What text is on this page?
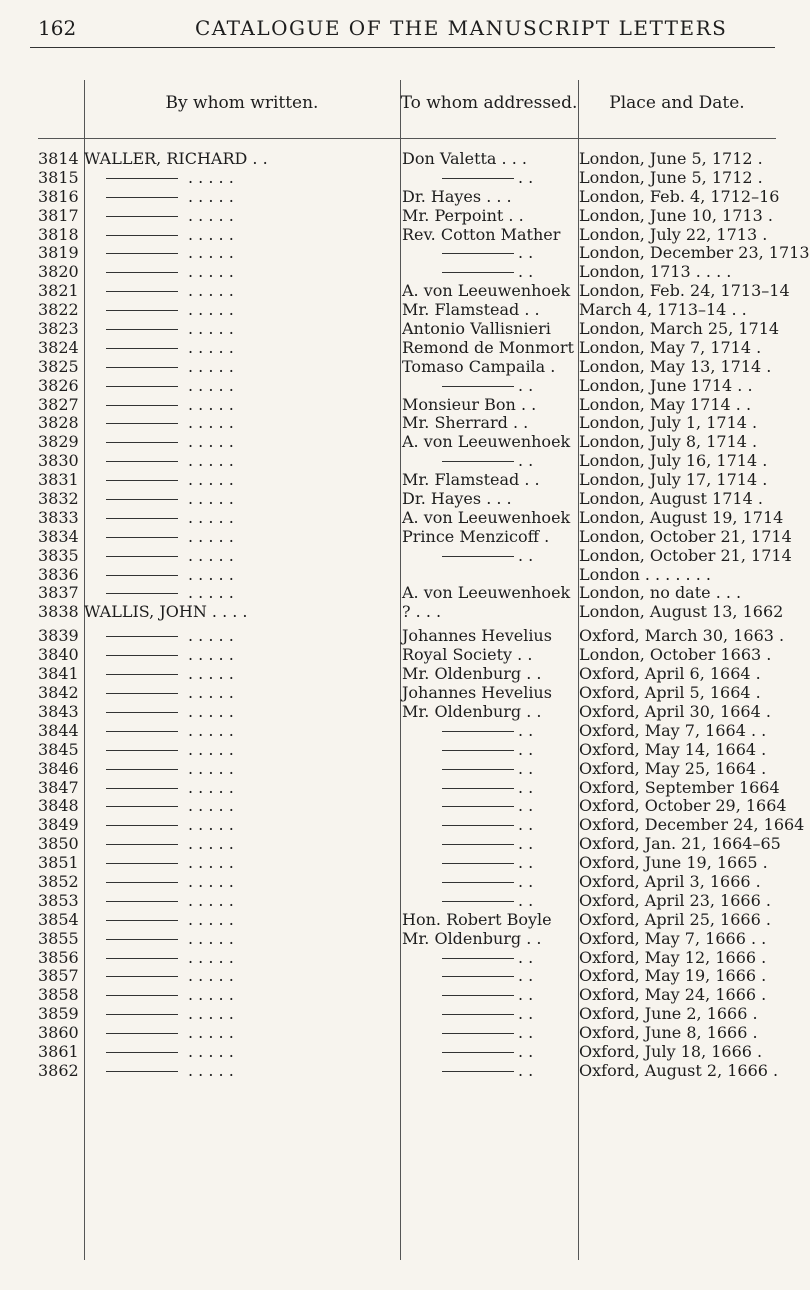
162	CATALOGUE OF THE MANUSCRIPT LETTERS
By whom written.	To whom addressed.	Place and Date.
3814 WALLER, RICHARD . .	Don Valetta . . .	London, June 5, 1712 .
3815	. . . . .	. .	London, June 5, 1712 .
3816	. . . . .	Dr. Hayes . . .	London, Feb. 4, 1712–16
3817	. . . . .	Mr. Perpoint . .	London, June 10, 1713 .
3818	. . . . .	Rev. Cotton Mather	London, July 22, 1713 .
3819	. . . . .	. .	London, December 23, 1713
3820	. . . . .	. .	London, 1713 . . . .
3821	. . . . .	A. von Leeuwenhoek London, Feb. 24, 1713–14
3822	. . . . .	Mr. Flamstead . .	March 4, 1713–14 . .
3823	. . . . .	Antonio Vallisnieri	London, March 25, 1714
3824	. . . . .	Remond de Monmort London, May 7, 1714 .
3825	. . . . .	Tomaso Campaila .	London, May 13, 1714 .
3826	. . . . .	. .	London, June 1714 . .
3827	. . . . .	Monsieur Bon . .	London, May 1714 . .
3828	. . . . .	Mr. Sherrard . .	London, July 1, 1714 .
3829	. . . . .	A. von Leeuwenhoek London, July 8, 1714 .
3830	. . . . .	. .	London, July 16, 1714 .
3831	. . . . .	Mr. Flamstead . .	London, July 17, 1714 .
3832	. . . . .	Dr. Hayes . . .	London, August 1714 .
3833	. . . . .	A. von Leeuwenhoek London, August 19, 1714
3834	. . . . .	Prince Menzicoff .	London, October 21, 1714
3835	. . . . .	. .	London, October 21, 1714
3836	. . . . .	London . . . . . . .
3837	. . . . .	A. von Leeuwenhoek London, no date . . .
3838 WALLIS, JOHN . . . .	? . . .	London, August 13, 1662
3839	. . . . .	Johannes Hevelius	Oxford, March 30, 1663 .
3840	. . . . .	Royal Society . .	London, October 1663 .
3841	. . . . .	Mr. Oldenburg . .	Oxford, April 6, 1664 .
3842	. . . . .	Johannes Hevelius	Oxford, April 5, 1664 .
3843	. . . . .	Mr. Oldenburg . .	Oxford, April 30, 1664 .
3844	. . . . .	. .	Oxford, May 7, 1664 . .
3845	. . . . .	. .	Oxford, May 14, 1664 .
3846	. . . . .	. .	Oxford, May 25, 1664 .
3847	. . . . .	. .	Oxford, September 1664
3848	. . . . .	. .	Oxford, October 29, 1664
3849	. . . . .	. .	Oxford, December 24, 1664
3850	. . . . .	. .	Oxford, Jan. 21, 1664–65
3851	. . . . .	. .	Oxford, June 19, 1665 .
3852	. . . . .	. .	Oxford, April 3, 1666 .
3853	. . . . .	. .	Oxford, April 23, 1666 .
3854	. . . . .	Hon. Robert Boyle	Oxford, April 25, 1666 .
3855	. . . . .	Mr. Oldenburg . .	Oxford, May 7, 1666 . .
3856	. . . . .	. .	Oxford, May 12, 1666 .
3857	. . . . .	. .	Oxford, May 19, 1666 .
3858	. . . . .	. .	Oxford, May 24, 1666 .
3859	. . . . .	. .	Oxford, June 2, 1666 .
3860	. . . . .	. .	Oxford, June 8, 1666 .
3861	. . . . .	. .	Oxford, July 18, 1666 .
3862	. . . . .	. .	Oxford, August 2, 1666 .
